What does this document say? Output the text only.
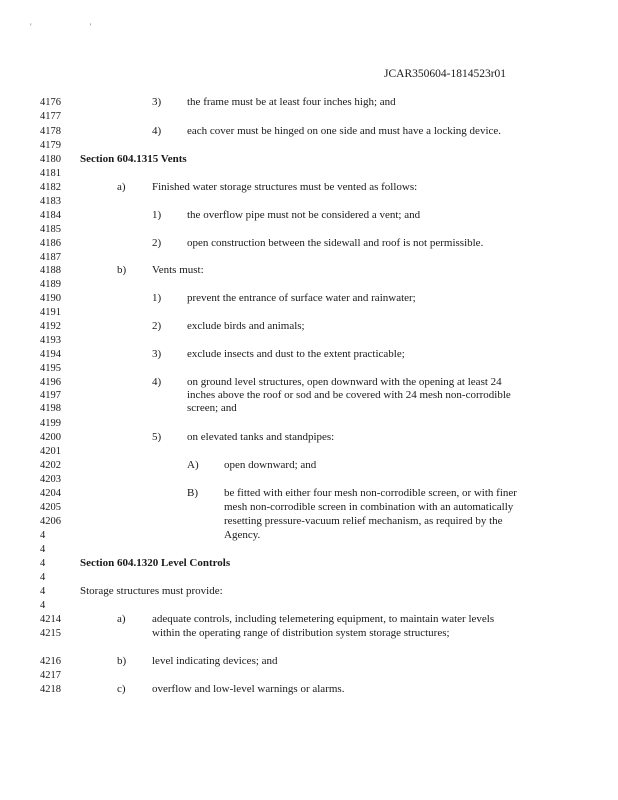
' '
JCAR350604-1814523r01
4176
4177
4178
4179
4180
4181
4182
4183
4184
4185
4186
4187
4188
4189
4190
4191
4192
4193
4194
4195
4196
4197
4198
4199
4200
4201
4202
4203
4204
4205
4206
4
4
4
4
4
4
4214
4215
4216
4217
4218
3) the frame must be at least four inches high; and
4) each cover must be hinged on one side and must have a locking device.
Section 604.1315 Vents
a) Finished water storage structures must be vented as follows:
1) the overflow pipe must not be considered a vent; and
2) open construction between the sidewall and roof is not permissible.
b) Vents must:
1) prevent the entrance of surface water and rainwater;
2) exclude birds and animals;
3) exclude insects and dust to the extent practicable;
4) on ground level structures, open downward with the opening at least 24
inches above the roof or sod and be covered with 24 mesh non-corrodible
screen; and
5) on elevated tanks and standpipes:
A) open downward; and
B) be fitted with either four mesh non-corrodible screen, or with finer
mesh non-corrodible screen in combination with an automatically
resetting pressure-vacuum relief mechanism, as required by the
Agency.
Section 604.1320 Level Controls
Storage structures must provide:
a) adequate controls, including telemetering equipment, to maintain water levels
within the operating range of distribution system storage structures;
b) level indicating devices; and
c) overflow and low-level warnings or alarms.
